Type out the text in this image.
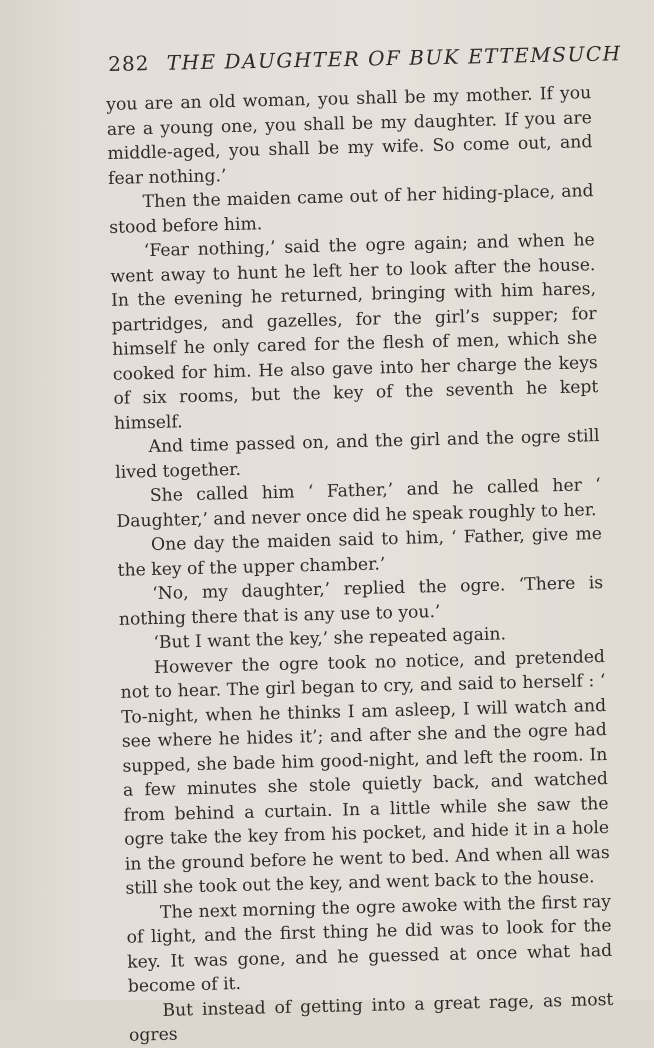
282 THE DAUGHTER OF BUK ETTEMSUCH

you are an old woman, you shall be my mother. If you are a young one, you shall be my daughter. If you are middle-aged, you shall be my wife. So come out, and fear nothing.’

Then the maiden came out of her hiding-place, and stood before him.

‘Fear nothing,’ said the ogre again; and when he went away to hunt he left her to look after the house. In the evening he returned, bringing with him hares, partridges, and gazelles, for the girl’s supper; for himself he only cared for the flesh of men, which she cooked for him. He also gave into her charge the keys of six rooms, but the key of the seventh he kept himself.

And time passed on, and the girl and the ogre still lived together.

She called him ‘ Father,’ and he called her ‘ Daughter,’ and never once did he speak roughly to her.

One day the maiden said to him, ‘ Father, give me the key of the upper chamber.’

‘No, my daughter,’ replied the ogre. ‘There is nothing there that is any use to you.’

‘But I want the key,’ she repeated again.

However the ogre took no notice, and pretended not to hear. The girl began to cry, and said to herself : ‘ To-night, when he thinks I am asleep, I will watch and see where he hides it’; and after she and the ogre had supped, she bade him good-night, and left the room. In a few minutes she stole quietly back, and watched from behind a curtain. In a little while she saw the ogre take the key from his pocket, and hide it in a hole in the ground before he went to bed. And when all was still she took out the key, and went back to the house.

The next morning the ogre awoke with the first ray of light, and the first thing he did was to look for the key. It was gone, and he guessed at once what had become of it.

But instead of getting into a great rage, as most ogres
